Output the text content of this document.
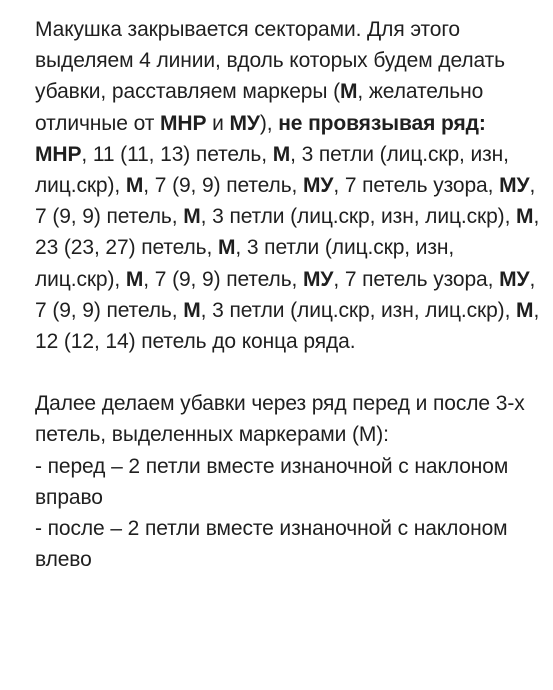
Макушка закрывается секторами. Для этого выделяем 4 линии, вдоль которых будем делать убавки, расставляем маркеры (М, желательно отличные от МНР и МУ), не провязывая ряд:

МНР, 11 (11, 13) петель, М, 3 петли (лиц.скр, изн, лиц.скр), М, 7 (9, 9) петель, МУ, 7 петель узора, МУ, 7 (9, 9) петель, М, 3 петли (лиц.скр, изн, лиц.скр), М, 23 (23, 27) петель, М, 3 петли (лиц.скр, изн, лиц.скр), М, 7 (9, 9) петель, МУ, 7 петель узора, МУ, 7 (9, 9) петель, М, 3 петли (лиц.скр, изн, лиц.скр), М, 12 (12, 14) петель до конца ряда.

Далее делаем убавки через ряд перед и после 3-х петель, выделенных маркерами (М):
- перед – 2 петли вместе изнаночной с наклоном вправо
- после – 2 петли вместе изнаночной с наклоном влево
